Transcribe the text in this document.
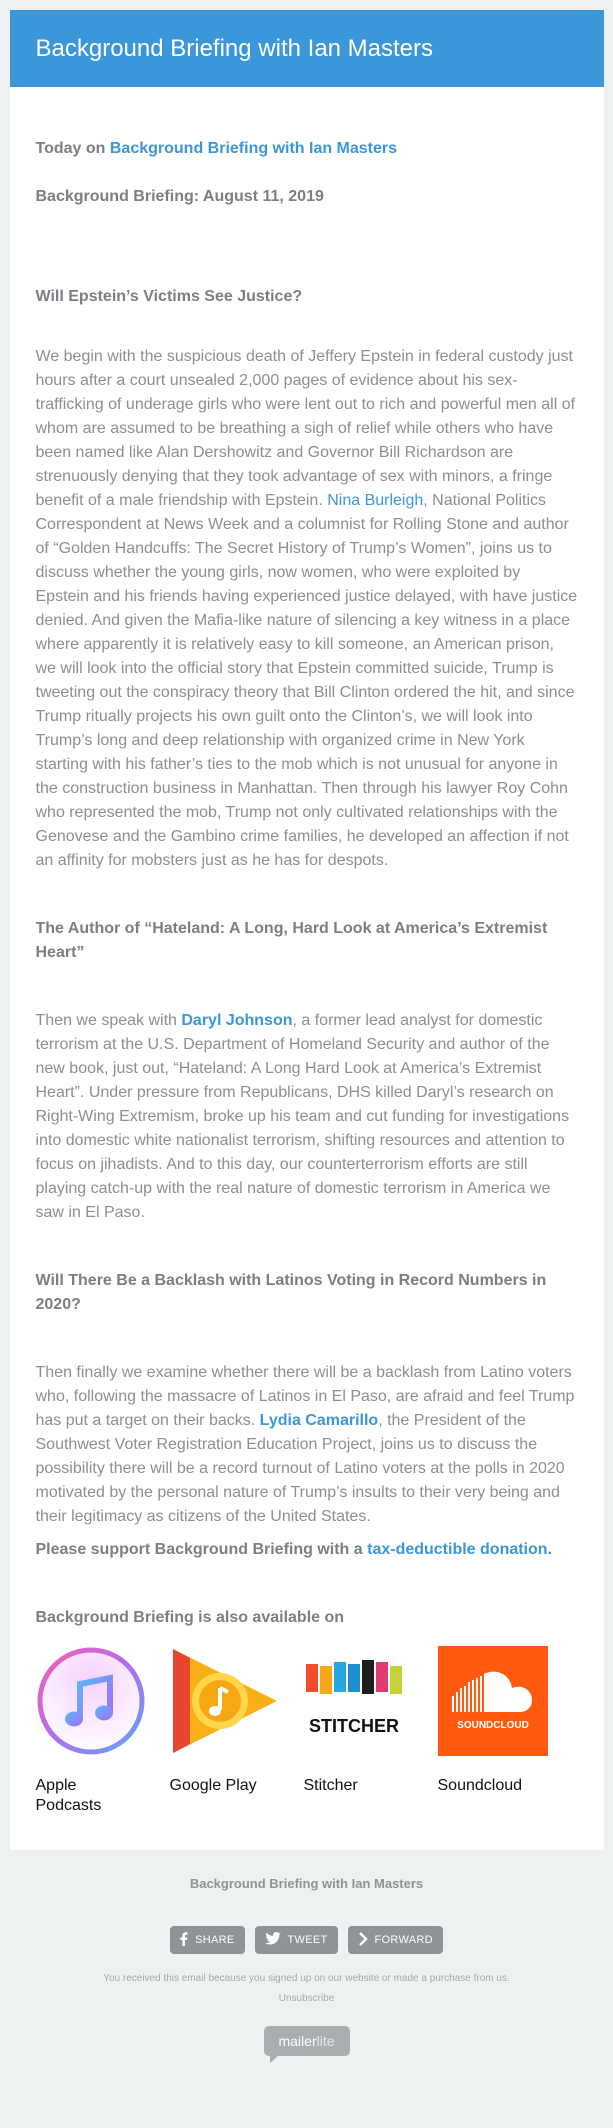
Background Briefing with Ian Masters
Today on Background Briefing with Ian Masters
Background Briefing: August 11, 2019
Will Epstein’s Victims See Justice?

We begin with the suspicious death of Jeffery Epstein in federal custody just hours after a court unsealed 2,000 pages of evidence about his sex-trafficking of underage girls who were lent out to rich and powerful men all of whom are assumed to be breathing a sigh of relief while others who have been named like Alan Dershowitz and Governor Bill Richardson are strenuously denying that they took advantage of sex with minors, a fringe benefit of a male friendship with Epstein. Nina Burleigh, National Politics Correspondent at News Week and a columnist for Rolling Stone and author of “Golden Handcuffs: The Secret History of Trump’s Women”, joins us to discuss whether the young girls, now women, who were exploited by Epstein and his friends having experienced justice delayed, with have justice denied. And given the Mafia-like nature of silencing a key witness in a place where apparently it is relatively easy to kill someone, an American prison, we will look into the official story that Epstein committed suicide, Trump is tweeting out the conspiracy theory that Bill Clinton ordered the hit, and since Trump ritually projects his own guilt onto the Clinton’s, we will look into Trump’s long and deep relationship with organized crime in New York starting with his father’s ties to the mob which is not unusual for anyone in the construction business in Manhattan. Then through his lawyer Roy Cohn who represented the mob, Trump not only cultivated relationships with the Genovese and the Gambino crime families, he developed an affection if not an affinity for mobsters just as he has for despots.

The Author of “Hateland: A Long, Hard Look at America’s Extremist Heart”

Then we speak with Daryl Johnson, a former lead analyst for domestic terrorism at the U.S. Department of Homeland Security and author of the new book, just out, “Hateland: A Long Hard Look at America’s Extremist Heart”. Under pressure from Republicans, DHS killed Daryl’s research on Right-Wing Extremism, broke up his team and cut funding for investigations into domestic white nationalist terrorism, shifting resources and attention to focus on jihadists. And to this day, our counterterrorism efforts are still playing catch-up with the real nature of domestic terrorism in America we saw in El Paso.

Will There Be a Backlash with Latinos Voting in Record Numbers in 2020?

Then finally we examine whether there will be a backlash from Latino voters who, following the massacre of Latinos in El Paso, are afraid and feel Trump has put a target on their backs. Lydia Camarillo, the President of the Southwest Voter Registration Education Project, joins us to discuss the possibility there will be a record turnout of Latino voters at the polls in 2020 motivated by the personal nature of Trump’s insults to their very being and their legitimacy as citizens of the United States.

Please support Background Briefing with a tax-deductible donation.

Background Briefing is also available on
Apple Podcasts
Google Play
STITCHER
Stitcher
SOUNDCLOUD
Soundcloud
Background Briefing with Ian Masters
SHARE	TWEET	FORWARD
You received this email because you signed up on our website or made a purchase from us.
Unsubscribe
mailer lite
